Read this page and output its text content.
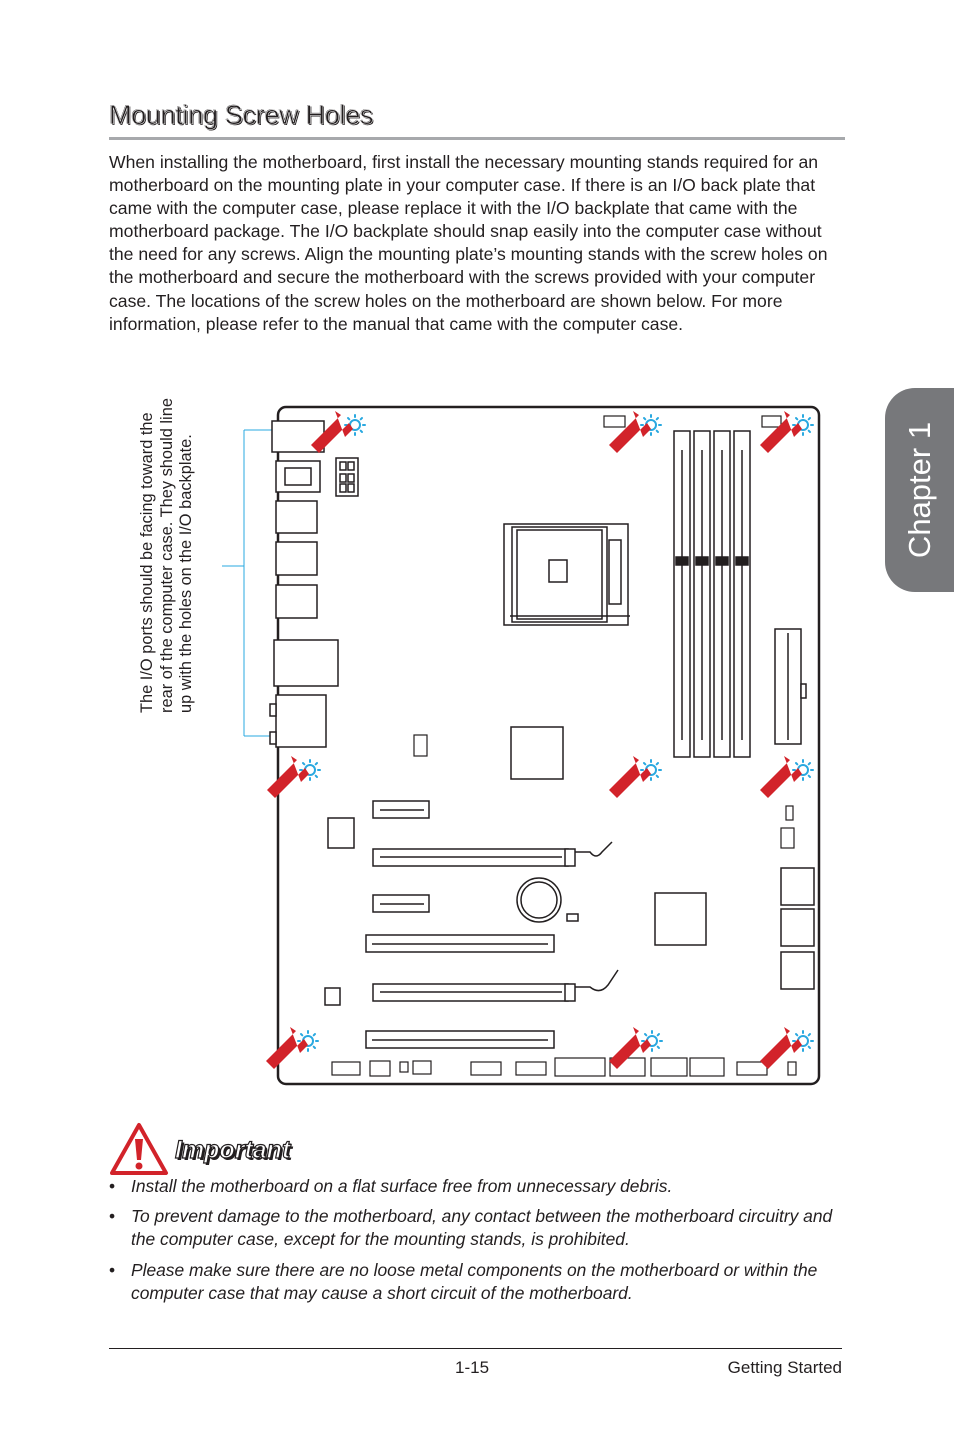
Mounting Screw Holes

When installing the motherboard, first install the necessary mounting stands required for an motherboard on the mounting plate in your computer case. If there is an I/O back plate that came with the computer case, please replace it with the I/O backplate that came with the motherboard package. The I/O backplate should snap easily into the computer case without the need for any screws. Align the mounting plate’s mounting stands with the screw holes on the motherboard and secure the motherboard with the screws provided with your computer case. The locations of the screw holes on the motherboard are shown below. For more information, please refer to the manual that came with the computer case.

Chapter 1

The I/O ports should be facing toward the rear of the computer case. They should line up with the holes on the I/O backplate.

Important
• Install the motherboard on a flat surface free from unnecessary debris.
• To prevent damage to the motherboard, any contact between the motherboard circuitry and the computer case, except for the mounting stands, is prohibited.
• Please make sure there are no loose metal components on the motherboard or within the computer case that may cause a short circuit of the motherboard.
1-15	Getting Started
